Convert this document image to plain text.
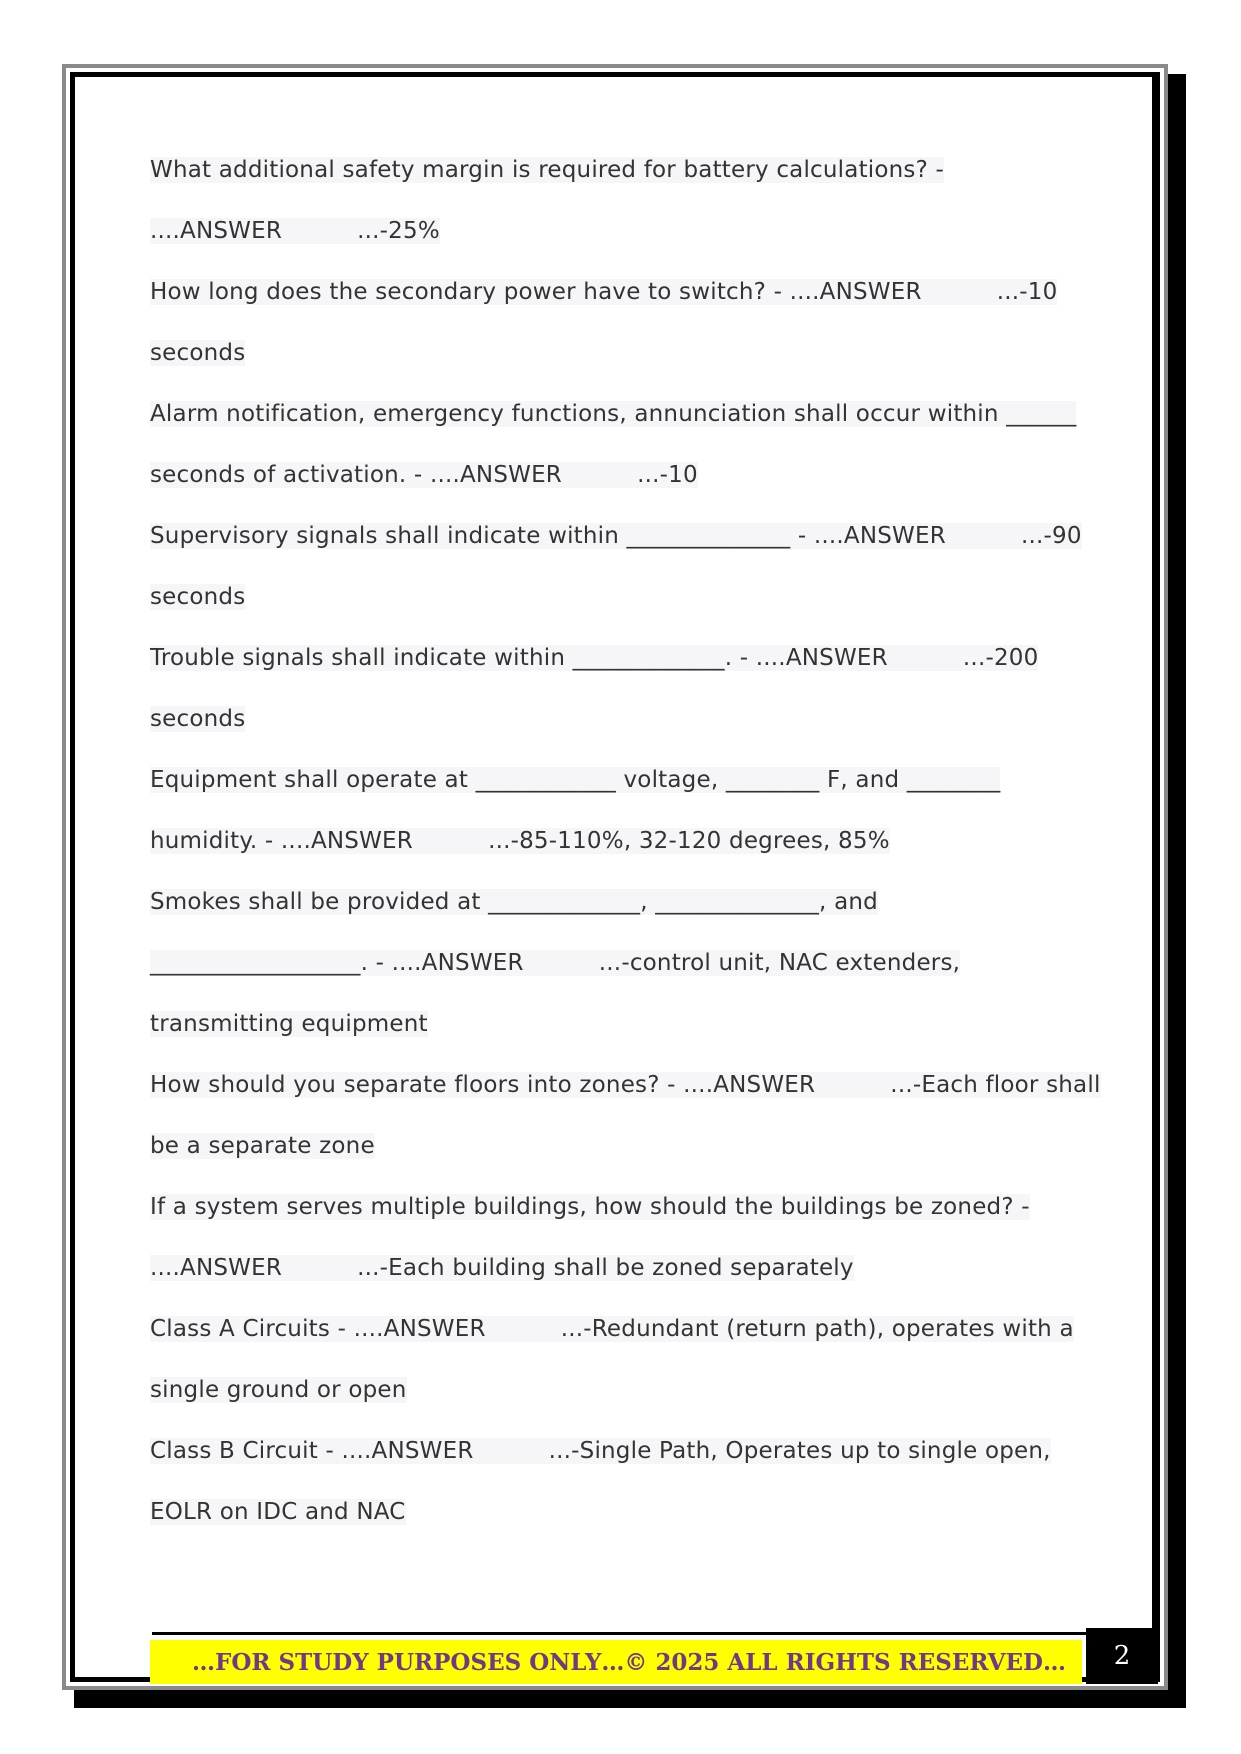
What additional safety margin is required for battery calculations? -
....ANSWER          ...-25%
How long does the secondary power have to switch? - ....ANSWER          ...-10
seconds
Alarm notification, emergency functions, annunciation shall occur within ______
seconds of activation. - ....ANSWER          ...-10
Supervisory signals shall indicate within ______________ - ....ANSWER          ...-90
seconds
Trouble signals shall indicate within _____________. - ....ANSWER          ...-200
seconds
Equipment shall operate at ____________ voltage, ________ F, and ________
humidity. - ....ANSWER          ...-85-110%, 32-120 degrees, 85%
Smokes shall be provided at _____________, ______________, and
__________________. - ....ANSWER          ...-control unit, NAC extenders,
transmitting equipment
How should you separate floors into zones? - ....ANSWER          ...-Each floor shall
be a separate zone
If a system serves multiple buildings, how should the buildings be zoned? -
....ANSWER          ...-Each building shall be zoned separately
Class A Circuits - ....ANSWER          ...-Redundant (return path), operates with a
single ground or open
Class B Circuit - ....ANSWER          ...-Single Path, Operates up to single open,
EOLR on IDC and NAC
…FOR STUDY PURPOSES ONLY…© 2025 ALL RIGHTS RESERVED…	2
